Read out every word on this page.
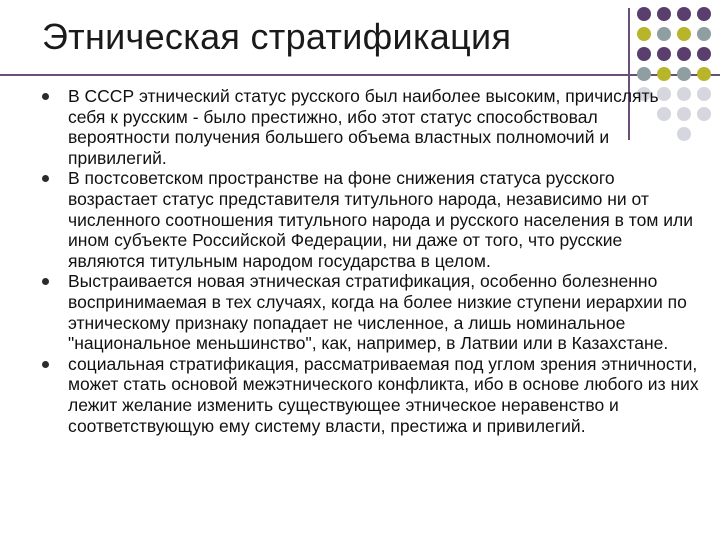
Этническая стратификация
В СССР этнический статус русского был наиболее высоким, причислять себя к русским - было престижно, ибо этот статус способствовал вероятности получения большего объема властных полномочий и привилегий.
В постсоветском пространстве на фоне снижения статуса русского возрастает статус представителя титульного народа, независимо ни от численного соотношения титульного народа и русского населения в том или ином субъекте Российской Федерации, ни даже от того, что русские являются титульным народом государства в целом.
Выстраивается новая этническая стратификация, особенно болезненно воспринимаемая в тех случаях, когда на более низкие ступени иерархии по этническому признаку попадает не численное, а лишь номинальное "национальное меньшинство", как, например, в Латвии или в Казахстане.
социальная стратификация, рассматриваемая под углом зрения этничности, может стать основой межэтнического конфликта, ибо в основе любого из них лежит желание изменить существующее этническое неравенство и соответствующую ему систему власти, престижа и привилегий.
